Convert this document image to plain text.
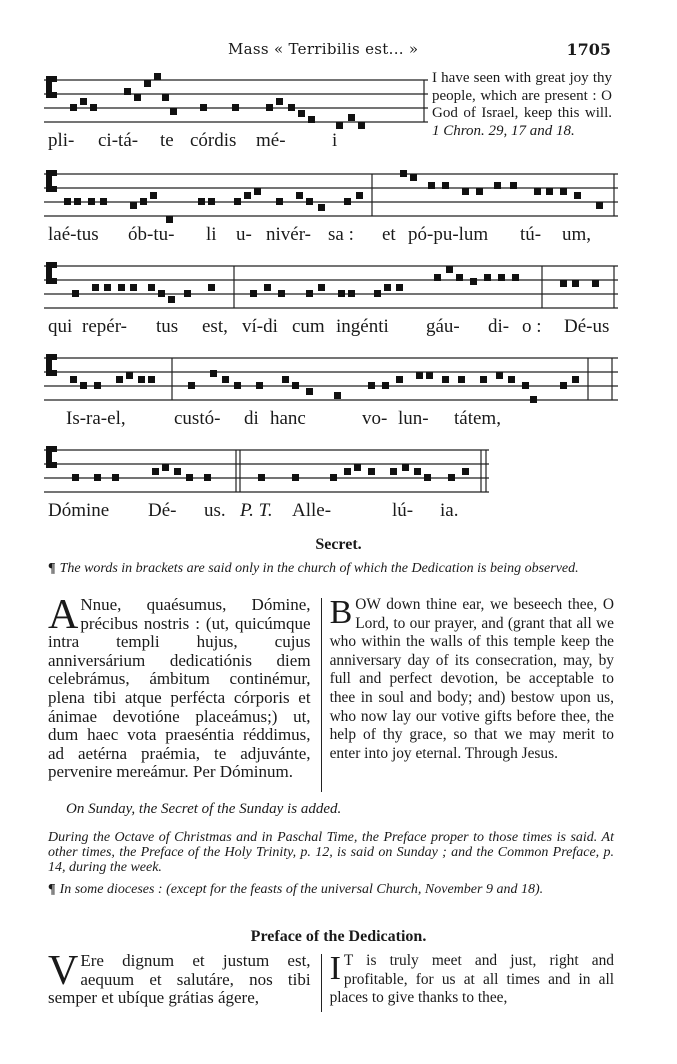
Mass « Terribilis est... »	1705
pli- ci-tá- te córdis mé- i
I have seen with great joy thy people, which are present : O God of Israel, keep this will. 1 Chron. 29, 17 and 18.
laé-tus ób-tu- li u- nivér- sa : et pó-pu-lum tú- um,
qui repér- tus est, ví-di cum ingénti gáu- di- o : Dé-us
Is-ra-el,	custó- di hanc	vo- lun- tátem,
Dómine Dé- us. P. T. Alle-	lú- ia.
Secret.
¶ The words in brackets are said only in the church of which the Dedication is being observed.
A Nnue, quaésumus, Dómine, précibus nostris : (ut, quicúmque intra templi hujus, cujus anniversárium dedicatiónis diem celebrámus, ámbitum continémur, plena tibi atque perfécta córporis et ánimae devotióne placeámus;) ut, dum haec vota praeséntia réddimus, ad aetérna praémia, te adjuvánte, pervenire mereámur. Per Dóminum.
BOW down thine ear, we beseech thee, O Lord, to our prayer, and (grant that all we who within the walls of this temple keep the anniversary day of its consecration, may, by full and perfect devotion, be acceptable to thee in soul and body; and) bestow upon us, who now lay our votive gifts before thee, the help of thy grace, so that we may merit to enter into joy eternal. Through Jesus.
On Sunday, the Secret of the Sunday is added.
During the Octave of Christmas and in Paschal Time, the Preface proper to those times is said. At other times, the Preface of the Holy Trinity, p. 12, is said on Sunday ; and the Common Preface, p. 14, during the week.
¶ In some dioceses : (except for the feasts of the universal Church, November 9 and 18).
Preface of the Dedication.
V Ere dignum et justum est, aequum et salutáre, nos tibi semper et ubíque grátias ágere,
I T is truly meet and just, right and profitable, for us at all times and in all places to give thanks to thee,
